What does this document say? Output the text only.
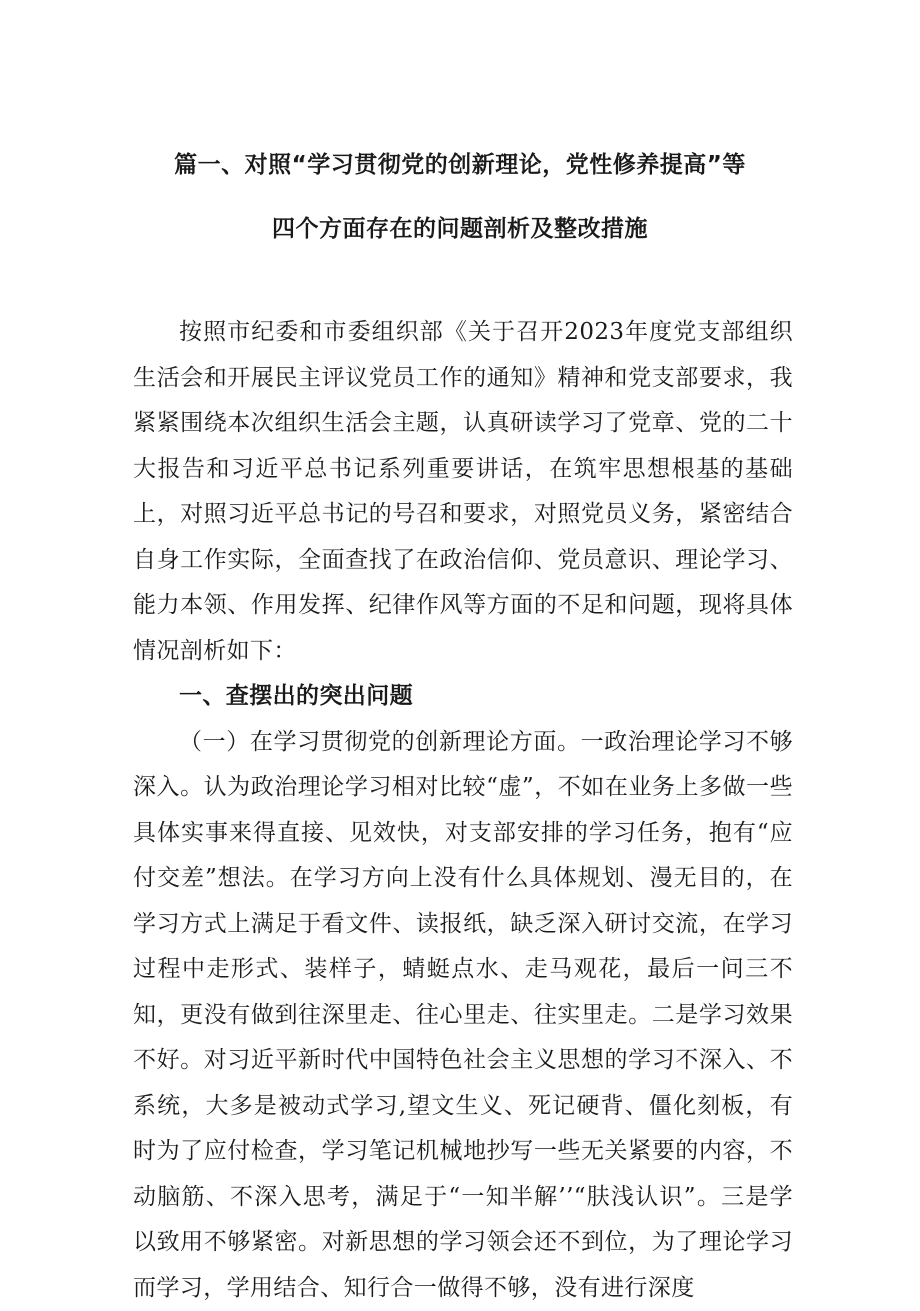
篇一、对照“学习贯彻党的创新理论，党性修养提高”等
四个方面存在的问题剖析及整改措施

按照市纪委和市委组织部《关于召开2023年度党支部组织生活会和开展民主评议党员工作的通知》精神和党支部要求，我紧紧围绕本次组织生活会主题，认真研读学习了党章、党的二十大报告和习近平总书记系列重要讲话，在筑牢思想根基的基础上，对照习近平总书记的号召和要求，对照党员义务，紧密结合自身工作实际，全面查找了在政治信仰、党员意识、理论学习、能力本领、作用发挥、纪律作风等方面的不足和问题，现将具体情况剖析如下：

一、查摆出的突出问题

（一）在学习贯彻党的创新理论方面。一政治理论学习不够深入。认为政治理论学习相对比较“虚”，不如在业务上多做一些具体实事来得直接、见效快，对支部安排的学习任务，抱有“应付交差”想法。在学习方向上没有什么具体规划、漫无目的，在学习方式上满足于看文件、读报纸，缺乏深入研讨交流，在学习过程中走形式、装样子，蜻蜓点水、走马观花，最后一问三不知，更没有做到往深里走、往心里走、往实里走。二是学习效果不好。对习近平新时代中国特色社会主义思想的学习不深入、不系统，大多是被动式学习,望文生义、死记硬背、僵化刻板，有时为了应付检查，学习笔记机械地抄写一些无关紧要的内容，不动脑筋、不深入思考，满足于“一知半解’’“肤浅认识”。三是学以致用不够紧密。对新思想的学习领会还不到位，为了理论学习而学习，学用结合、知行合一做得不够，没有进行深度
